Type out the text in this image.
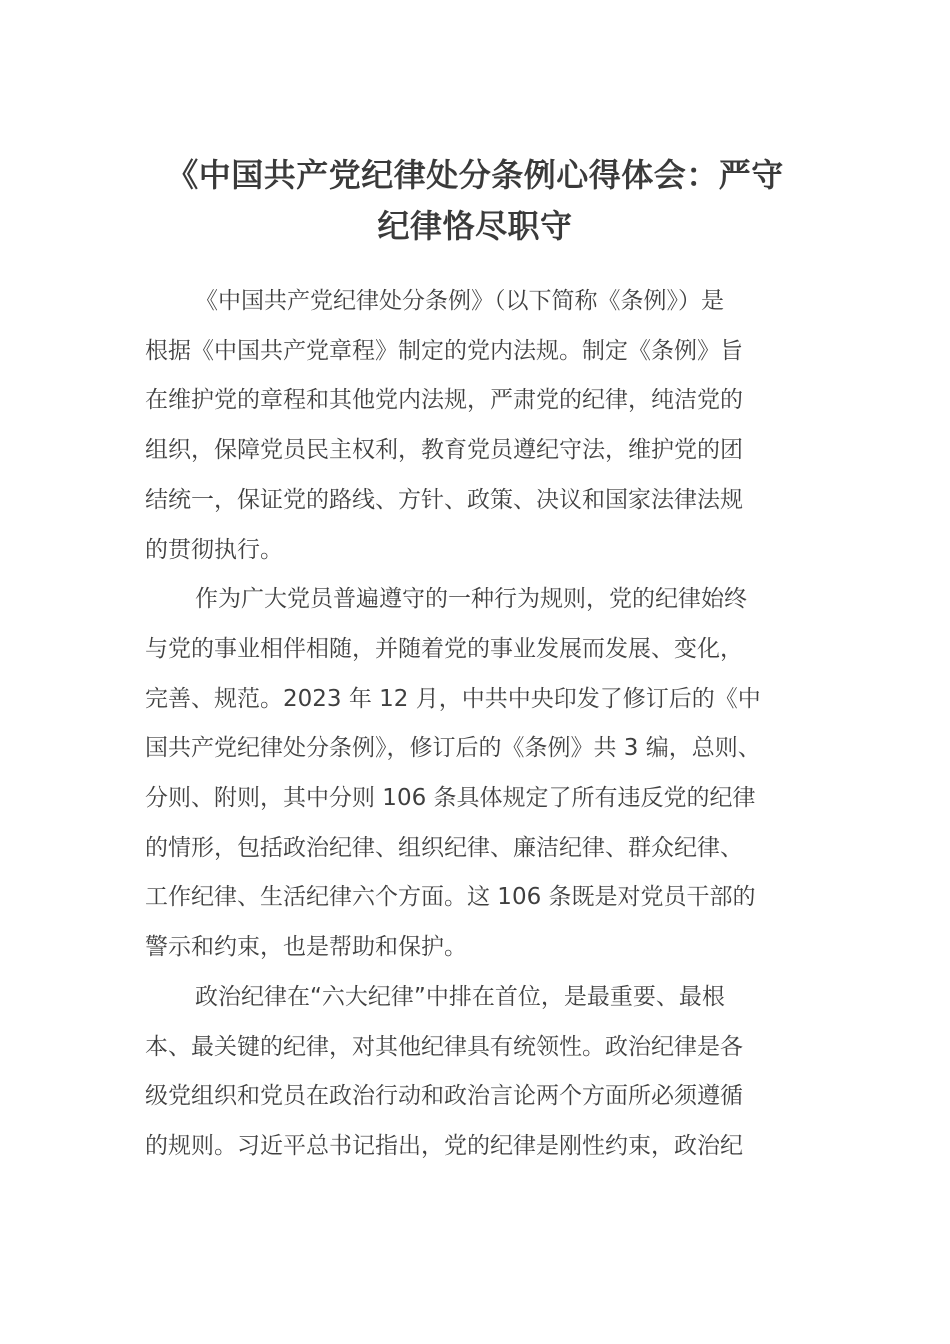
《中国共产党纪律处分条例心得体会：严守
纪律恪尽职守
《中国共产党纪律处分条例》（以下简称《条例》）是
根据《中国共产党章程》制定的党内法规。制定《条例》旨
在维护党的章程和其他党内法规，严肃党的纪律，纯洁党的
组织，保障党员民主权利，教育党员遵纪守法，维护党的团
结统一，保证党的路线、方针、政策、决议和国家法律法规
的贯彻执行。
作为广大党员普遍遵守的一种行为规则，党的纪律始终
与党的事业相伴相随，并随着党的事业发展而发展、变化，
完善、规范。2023 年 12 月，中共中央印发了修订后的《中
国共产党纪律处分条例》，修订后的《条例》共 3 编，总则、
分则、附则，其中分则 106 条具体规定了所有违反党的纪律
的情形，包括政治纪律、组织纪律、廉洁纪律、群众纪律、
工作纪律、生活纪律六个方面。这 106 条既是对党员干部的
警示和约束，也是帮助和保护。
政治纪律在“六大纪律”中排在首位，是最重要、最根
本、最关键的纪律，对其他纪律具有统领性。政治纪律是各
级党组织和党员在政治行动和政治言论两个方面所必须遵循
的规则。习近平总书记指出，党的纪律是刚性约束，政治纪
